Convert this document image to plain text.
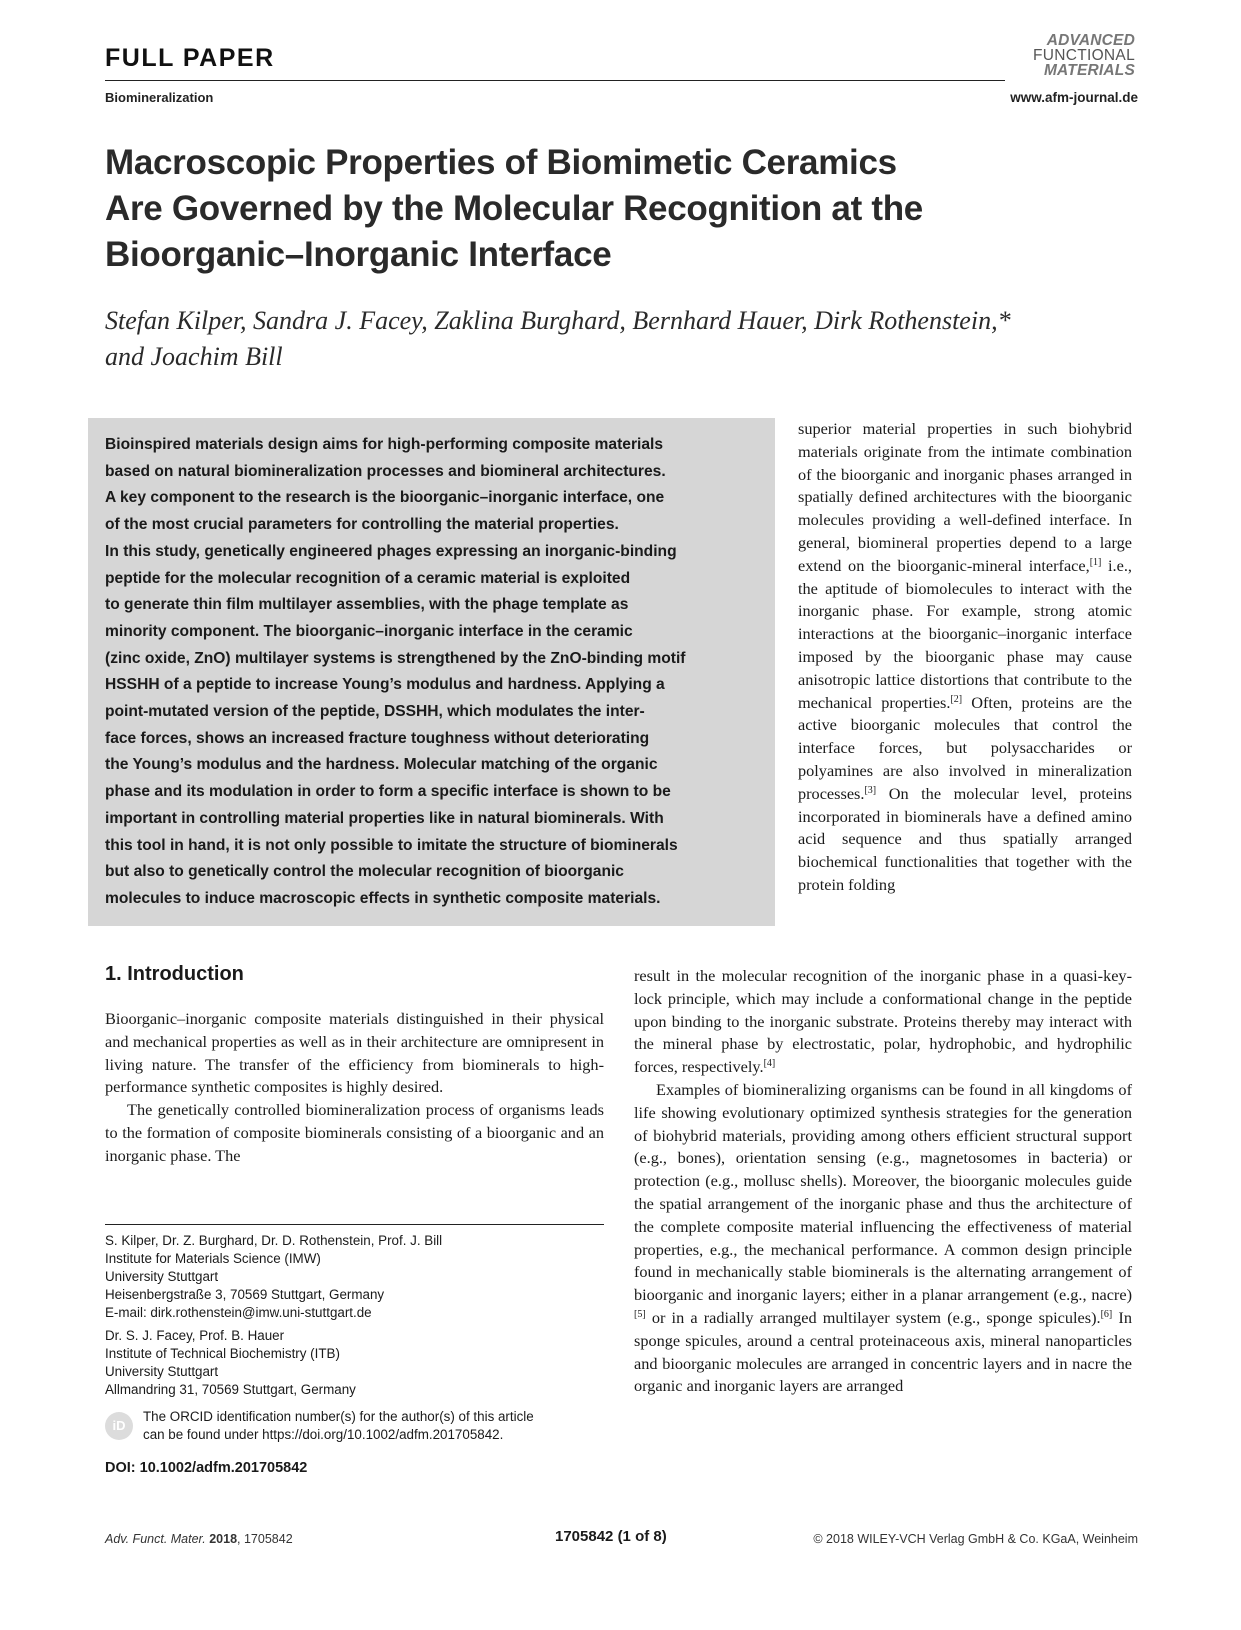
FULL PAPER
Biomineralization
ADVANCED
FUNCTIONAL
MATERIALS
www.afm-journal.de
Macroscopic Properties of Biomimetic Ceramics
Are Governed by the Molecular Recognition at the
Bioorganic–Inorganic Interface
Stefan Kilper, Sandra J. Facey, Zaklina Burghard, Bernhard Hauer, Dirk Rothenstein,*
and Joachim Bill

Bioinspired materials design aims for high-performing composite materials

based on natural biomineralization processes and biomineral architectures.

A key component to the research is the bioorganic–inorganic interface, one

of the most crucial parameters for controlling the material properties.

In this study, genetically engineered phages expressing an inorganic-binding

peptide for the molecular recognition of a ceramic material is exploited

to generate thin film multilayer assemblies, with the phage template as

minority component. The bioorganic–inorganic interface in the ceramic

(zinc oxide, ZnO) multilayer systems is strengthened by the ZnO-binding motif

HSSHH of a peptide to increase Young’s modulus and hardness. Applying a

point-mutated version of the peptide, DSSHH, which modulates the inter-

face forces, shows an increased fracture toughness without deteriorating

the Young’s modulus and the hardness. Molecular matching of the organic

phase and its modulation in order to form a specific interface is shown to be

important in controlling material properties like in natural biominerals. With

this tool in hand, it is not only possible to imitate the structure of biominerals

but also to genetically control the molecular recognition of bioorganic

molecules to induce macroscopic effects in synthetic composite materials.

superior material properties in such biohybrid materials originate from the intimate combination of the bioorganic and inorganic phases arranged in spatially defined architectures with the bioorganic molecules providing a well-defined interface. In general, biomineral properties depend to a large extend on the bioorganic-mineral interface,[1] i.e., the aptitude of biomolecules to interact with the inorganic phase. For example, strong atomic interactions at the bioorganic–inorganic interface imposed by the bioorganic phase may cause anisotropic lattice distortions that contribute to the mechanical properties.[2] Often, proteins are the active bioorganic molecules that control the interface forces, but polysaccharides or polyamines are also involved in mineralization processes.[3] On the molecular level, proteins incorporated in biominerals have a defined amino acid sequence and thus spatially arranged biochemical functionalities that together with the protein folding

result in the molecular recognition of the inorganic phase in a quasi-key-lock principle, which may include a conformational change in the peptide upon binding to the inorganic substrate. Proteins thereby may interact with the mineral phase by electrostatic, polar, hydrophobic, and hydrophilic forces, respectively.[4]

Examples of biomineralizing organisms can be found in all kingdoms of life showing evolutionary optimized synthesis strategies for the generation of biohybrid materials, providing among others efficient structural support (e.g., bones), orientation sensing (e.g., magnetosomes in bacteria) or protection (e.g., mollusc shells). Moreover, the bioorganic molecules guide the spatial arrangement of the inorganic phase and thus the architecture of the complete composite material influencing the effectiveness of material properties, e.g., the mechanical performance. A common design principle found in mechanically stable biominerals is the alternating arrangement of bioorganic and inorganic layers; either in a planar arrangement (e.g., nacre)[5] or in a radially arranged multilayer system (e.g., sponge spicules).[6] In sponge spicules, around a central proteinaceous axis, mineral nanoparticles and bioorganic molecules are arranged in concentric layers and in nacre the organic and inorganic layers are arranged

1. Introduction

Bioorganic–inorganic composite materials distinguished in their physical and mechanical properties as well as in their architecture are omnipresent in living nature. The transfer of the efficiency from biominerals to high-performance synthetic composites is highly desired.

The genetically controlled biomineralization process of organisms leads to the formation of composite biominerals consisting of a bioorganic and an inorganic phase. The

S. Kilper, Dr. Z. Burghard, Dr. D. Rothenstein, Prof. J. Bill
Institute for Materials Science (IMW)
University Stuttgart
Heisenbergstraße 3, 70569 Stuttgart, Germany
E-mail: dirk.rothenstein@imw.uni-stuttgart.de
Dr. S. J. Facey, Prof. B. Hauer
Institute of Technical Biochemistry (ITB)
University Stuttgart
Allmandring 31, 70569 Stuttgart, Germany
iD
The ORCID identification number(s) for the author(s) of this article
can be found under https://doi.org/10.1002/adfm.201705842.
DOI: 10.1002/adfm.201705842
Adv. Funct. Mater. 2018, 1705842	1705842 (1 of 8)	© 2018 WILEY-VCH Verlag GmbH & Co. KGaA, Weinheim
